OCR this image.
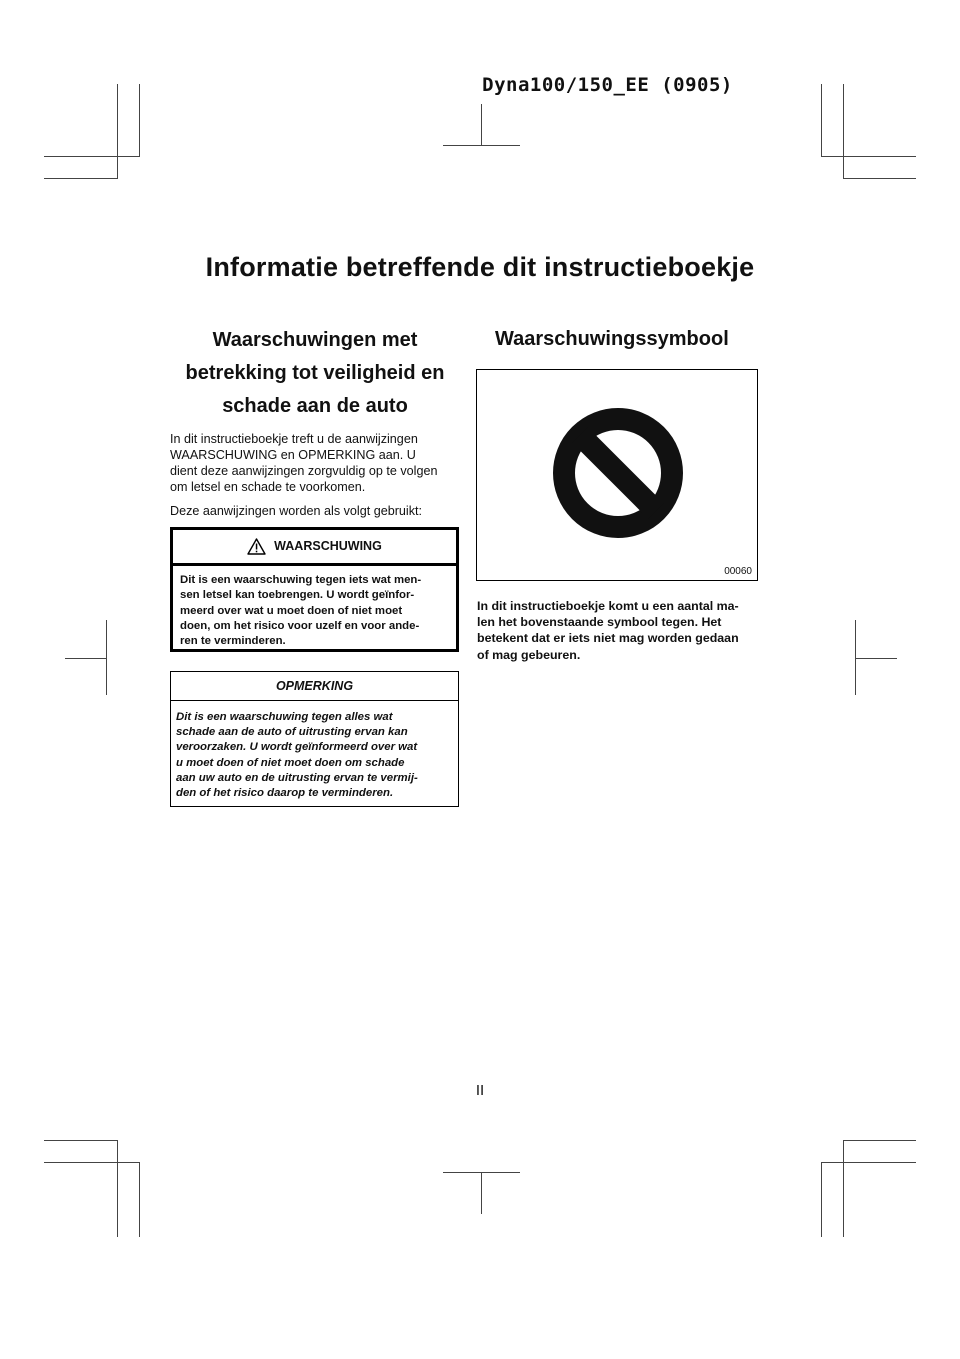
Dyna100/150_EE (0905)
Informatie betreffende dit instructieboekje
Waarschuwingen met
betrekking tot veiligheid en
schade aan de auto
In dit instructieboekje treft u de aanwijzingen
WAARSCHUWING en OPMERKING aan. U
dient deze aanwijzingen zorgvuldig op te volgen
om letsel en schade te voorkomen.
Deze aanwijzingen worden als volgt gebruikt:
WAARSCHUWING
Dit is een waarschuwing tegen iets wat men-
sen letsel kan toebrengen. U wordt geïnfor-
meerd over wat u moet doen of niet moet
doen, om het risico voor uzelf en voor ande-
ren te verminderen.
OPMERKING
Dit is een waarschuwing tegen alles wat
schade aan de auto of uitrusting ervan kan
veroorzaken. U wordt geïnformeerd over wat
u moet doen of niet moet doen om schade
aan uw auto en de uitrusting ervan te vermij-
den of het risico daarop te verminderen.
Waarschuwingssymbool
00060
In dit instructieboekje komt u een aantal ma-
len het bovenstaande symbool tegen. Het
betekent dat er iets niet mag worden gedaan
of mag gebeuren.
II
